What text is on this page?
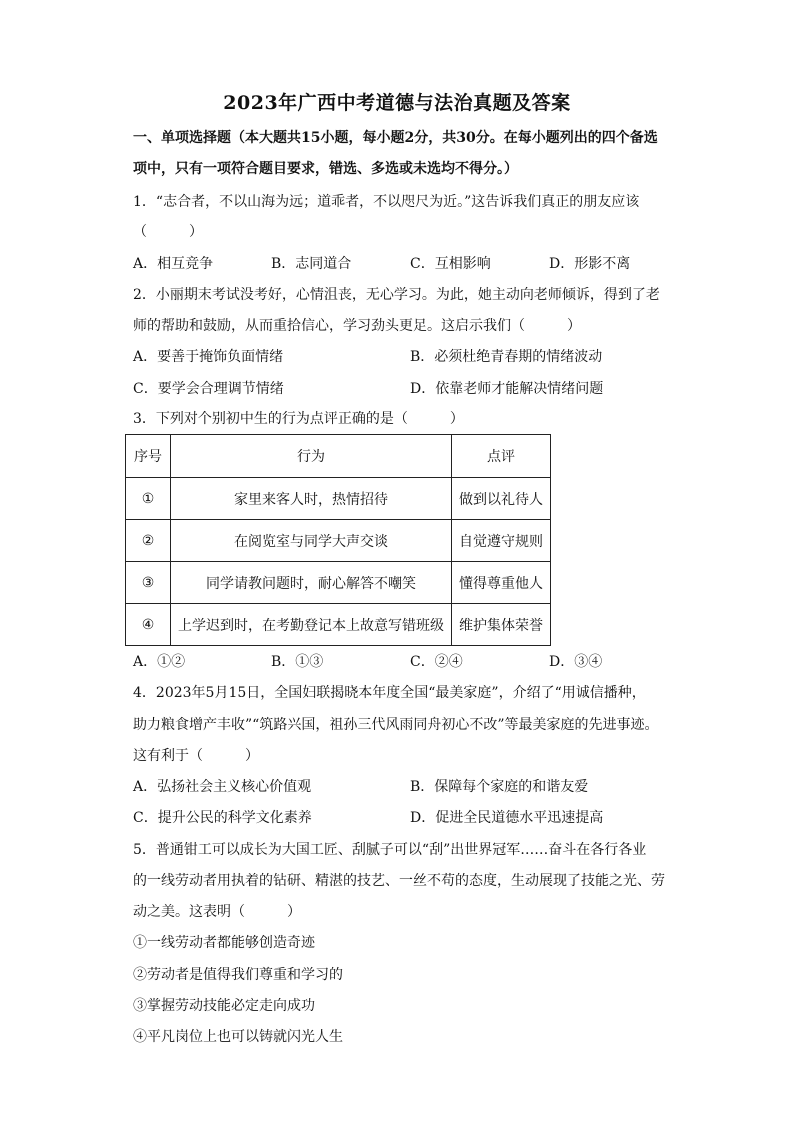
2023年广西中考道德与法治真题及答案
一、单项选择题（本大题共15小题，每小题2分，共30分。在每小题列出的四个备选
项中，只有一项符合题目要求，错选、多选或未选均不得分。）
1．“志合者，不以山海为远；道乖者，不以咫尺为近。”这告诉我们真正的朋友应该
（　　　）
A．相互竞争	B．志同道合	C．互相影响	D．形影不离
2．小丽期末考试没考好，心情沮丧，无心学习。为此，她主动向老师倾诉，得到了老
师的帮助和鼓励，从而重拾信心，学习劲头更足。这启示我们（　　　）
A．要善于掩饰负面情绪	B．必须杜绝青春期的情绪波动
C．要学会合理调节情绪	D．依靠老师才能解决情绪问题
3．下列对个别初中生的行为点评正确的是（　　　）
序号	行为	点评
①	家里来客人时，热情招待	做到以礼待人
②	在阅览室与同学大声交谈	自觉遵守规则
③	同学请教问题时，耐心解答不嘲笑	懂得尊重他人
④	上学迟到时，在考勤登记本上故意写错班级	维护集体荣誉
A．①②	B．①③	C．②④	D．③④
4．2023年5月15日，全国妇联揭晓本年度全国“最美家庭”，介绍了“用诚信播种，
助力粮食增产丰收”“筑路兴国，祖孙三代风雨同舟初心不改”等最美家庭的先进事迹。
这有利于（　　　）
A．弘扬社会主义核心价值观	B．保障每个家庭的和谐友爱
C．提升公民的科学文化素养	D．促进全民道德水平迅速提高
5．普通钳工可以成长为大国工匠、刮腻子可以“刮”出世界冠军……奋斗在各行各业
的一线劳动者用执着的钻研、精湛的技艺、一丝不苟的态度，生动展现了技能之光、劳
动之美。这表明（　　　）
①一线劳动者都能够创造奇迹
②劳动者是值得我们尊重和学习的
③掌握劳动技能必定走向成功
④平凡岗位上也可以铸就闪光人生
